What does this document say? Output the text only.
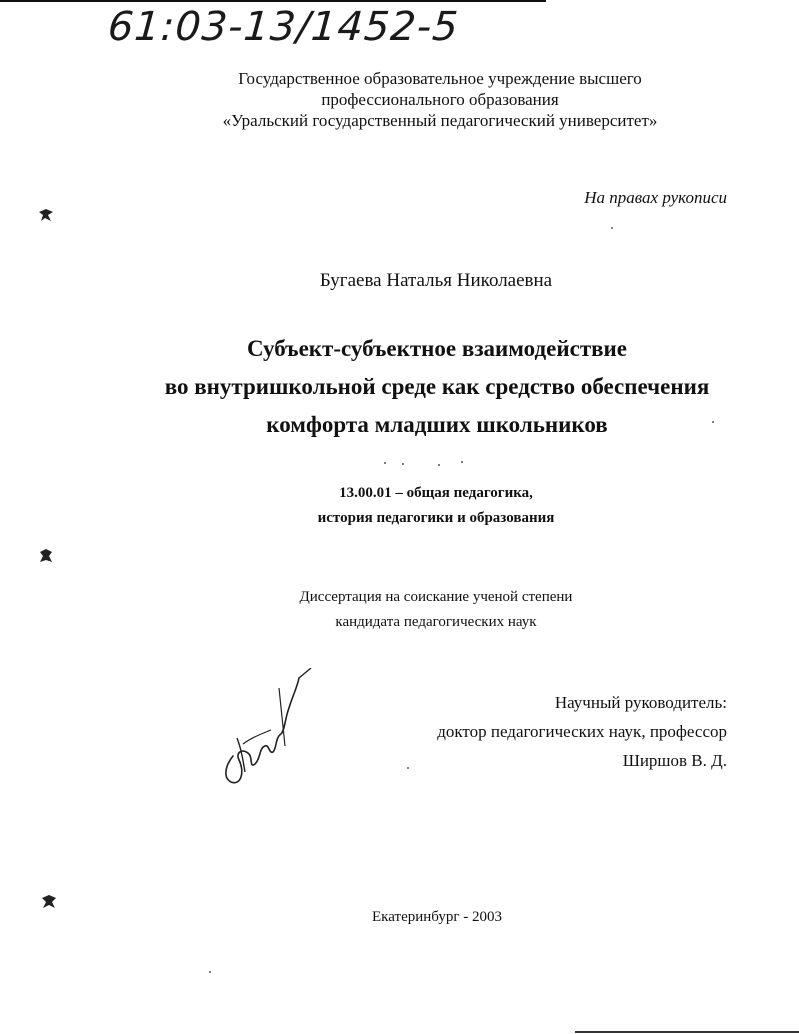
61:03-13/1452-5
Государственное образовательное учреждение высшего
профессионального образования
«Уральский государственный педагогический университет»
На правах рукописи
Бугаева Наталья Николаевна
Субъект-субъектное взаимодействие
во внутришкольной среде как средство обеспечения
комфорта младших школьников
13.00.01 – общая педагогика,
история педагогики и образования
Диссертация на соискание ученой степени
кандидата педагогических наук
Научный руководитель:
доктор педагогических наук, профессор
Ширшов В. Д.
Екатеринбург - 2003
